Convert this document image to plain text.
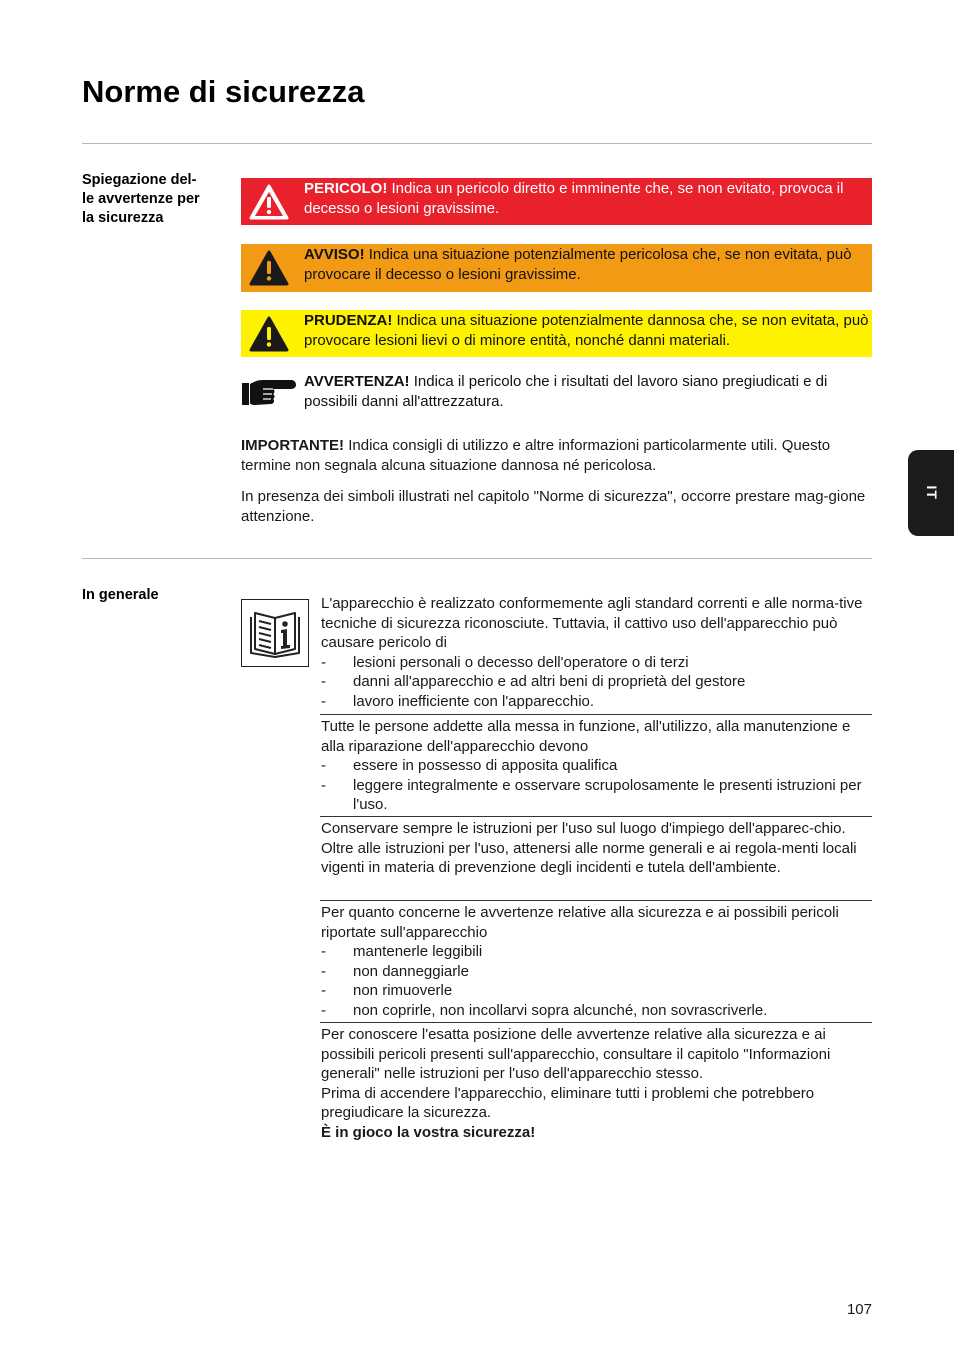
Norme di sicurezza
Spiegazione del-
le avvertenze per
la sicurezza
PERICOLO! Indica un pericolo diretto e imminente che, se non evitato, provoca il decesso o lesioni gravissime.
AVVISO! Indica una situazione potenzialmente pericolosa che, se non evitata, può provocare il decesso o lesioni gravissime.
PRUDENZA! Indica una situazione potenzialmente dannosa che, se non evitata, può provocare lesioni lievi o di minore entità, nonché danni materiali.
AVVERTENZA! Indica il pericolo che i risultati del lavoro siano pregiudicati e di possibili danni all'attrezzatura.
IMPORTANTE! Indica consigli di utilizzo e altre informazioni particolarmente utili. Questo termine non segnala alcuna situazione dannosa né pericolosa.
In presenza dei simboli illustrati nel capitolo "Norme di sicurezza", occorre prestare mag-gione attenzione.
In generale	L'apparecchio è realizzato conformemente agli standard correnti e alle norma-tive tecniche di sicurezza riconosciute. Tuttavia, il cattivo uso dell'apparecchio può causare pericolo di
-	lesioni personali o decesso dell'operatore o di terzi
-	danni all'apparecchio e ad altri beni di proprietà del gestore
-	lavoro inefficiente con l'apparecchio.
Tutte le persone addette alla messa in funzione, all'utilizzo, alla manutenzione e alla riparazione dell'apparecchio devono
-	essere in possesso di apposita qualifica
-	leggere integralmente e osservare scrupolosamente le presenti istruzioni per l'uso.
Conservare sempre le istruzioni per l'uso sul luogo d'impiego dell'apparec-chio. Oltre alle istruzioni per l'uso, attenersi alle norme generali e ai regola-menti locali vigenti in materia di prevenzione degli incidenti e tutela dell'ambiente.
Per quanto concerne le avvertenze relative alla sicurezza e ai possibili pericoli riportate sull'apparecchio
-	mantenerle leggibili
-	non danneggiarle
-	non rimuoverle
-	non coprirle, non incollarvi sopra alcunché, non sovrascriverle.
Per conoscere l'esatta posizione delle avvertenze relative alla sicurezza e ai possibili pericoli presenti sull'apparecchio, consultare il capitolo "Informazioni generali" nelle istruzioni per l'uso dell'apparecchio stesso.
Prima di accendere l'apparecchio, eliminare tutti i problemi che potrebbero pregiudicare la sicurezza.
È in gioco la vostra sicurezza!
IT
107
